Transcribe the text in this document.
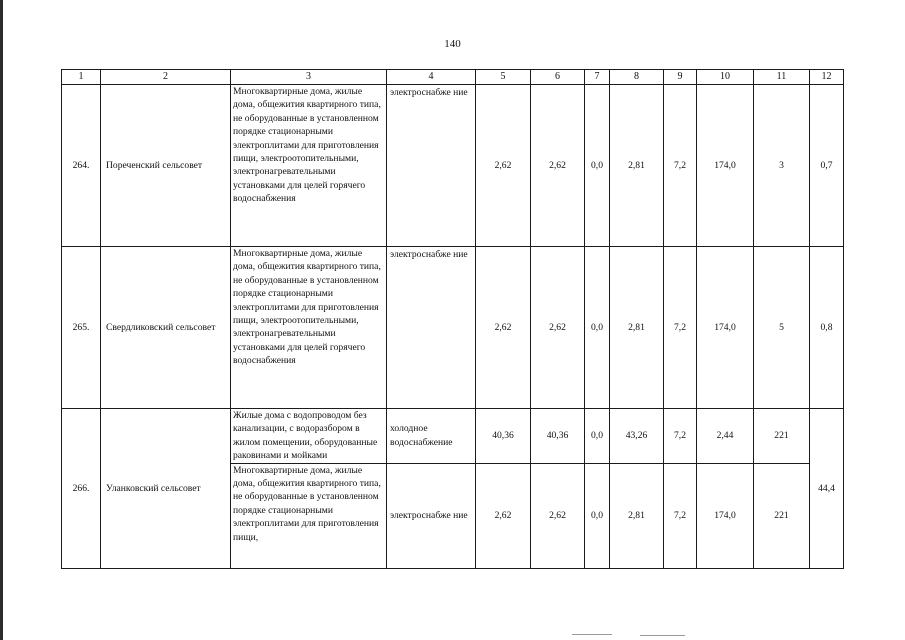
140
1	2	3	4	5	6	7	8	9	10	11	12
264.	Пореченский сельсовет	Многоквартирные дома, жилые дома, общежития квартирного типа, не оборудованные в установленном порядке стационарными электроплитами для приготовления пищи, электроотопительными, электронагревательными установками для целей горячего водоснабжения	электроснабже ние	2,62	2,62	0,0	2,81	7,2	174,0	3	0,7
265.	Свердликовский сельсовет	Многоквартирные дома, жилые дома, общежития квартирного типа, не оборудованные в установленном порядке стационарными электроплитами для приготовления пищи, электроотопительными, электронагревательными установками для целей горячего водоснабжения	электроснабже ние	2,62	2,62	0,0	2,81	7,2	174,0	5	0,8
266.	Уланковский сельсовет	Жилые дома с водопроводом без канализации, с водоразбором в жилом помещении, оборудованные раковинами и мойками	холодное водоснабжение	40,36	40,36	0,0	43,26	7,2	2,44	221	44,4

		Многоквартирные дома, жилые дома, общежития квартирного типа, не оборудованные в установленном порядке стационарными электроплитами для приготовления пищи,	электроснабже ние	2,62	2,62	0,0	2,81	7,2	174,0	221	
